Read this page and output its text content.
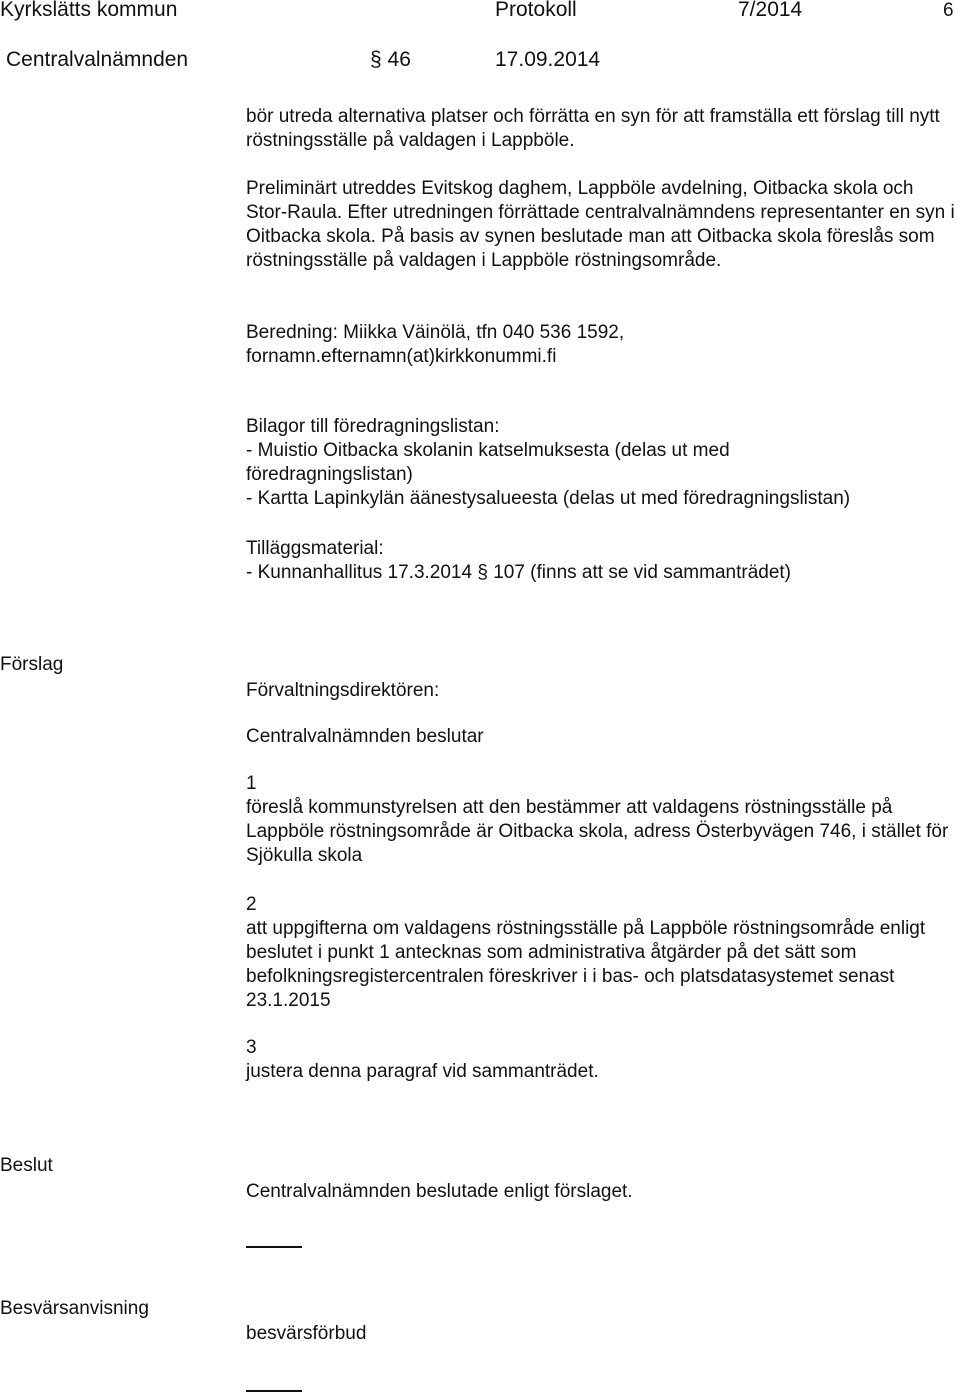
Kyrkslätts kommun	Protokoll	7/2014	6
Centralvalnämnden	§ 46	17.09.2014

bör utreda alternativa platser och förrätta en syn för att framställa ett förslag till nytt röstningsställe på valdagen i Lappböle.

Preliminärt utreddes Evitskog daghem, Lappböle avdelning, Oitbacka skola och Stor-Raula. Efter utredningen förrättade centralvalnämndens representanter en syn i Oitbacka skola. På basis av synen beslutade man att Oitbacka skola föreslås som röstningsställe på valdagen i Lappböle röstningsområde.

Beredning: Miikka Väinölä, tfn 040 536 1592,

fornamn.efternamn(at)kirkkonummi.fi

Bilagor till föredragningslistan:

- Muistio Oitbacka skolanin katselmuksesta (delas ut med föredragningslistan)

- Kartta Lapinkylän äänestysalueesta (delas ut med föredragningslistan)

Tilläggsmaterial:

- Kunnanhallitus 17.3.2014 § 107 (finns att se vid sammanträdet)

Förslag

Förvaltningsdirektören:

Centralvalnämnden beslutar

1

föreslå kommunstyrelsen att den bestämmer att valdagens röstningsställe på Lappböle röstningsområde är Oitbacka skola, adress Österbyvägen 746, i stället för Sjökulla skola

2

att uppgifterna om valdagens röstningsställe på Lappböle röstningsområde enligt beslutet i punkt 1 antecknas som administrativa åtgärder på det sätt som befolkningsregistercentralen föreskriver i i bas- och platsdatasystemet senast 23.1.2015

3

justera denna paragraf vid sammanträdet.

Beslut

Centralvalnämnden beslutade enligt förslaget.

Besvärsanvisning

besvärsförbud
